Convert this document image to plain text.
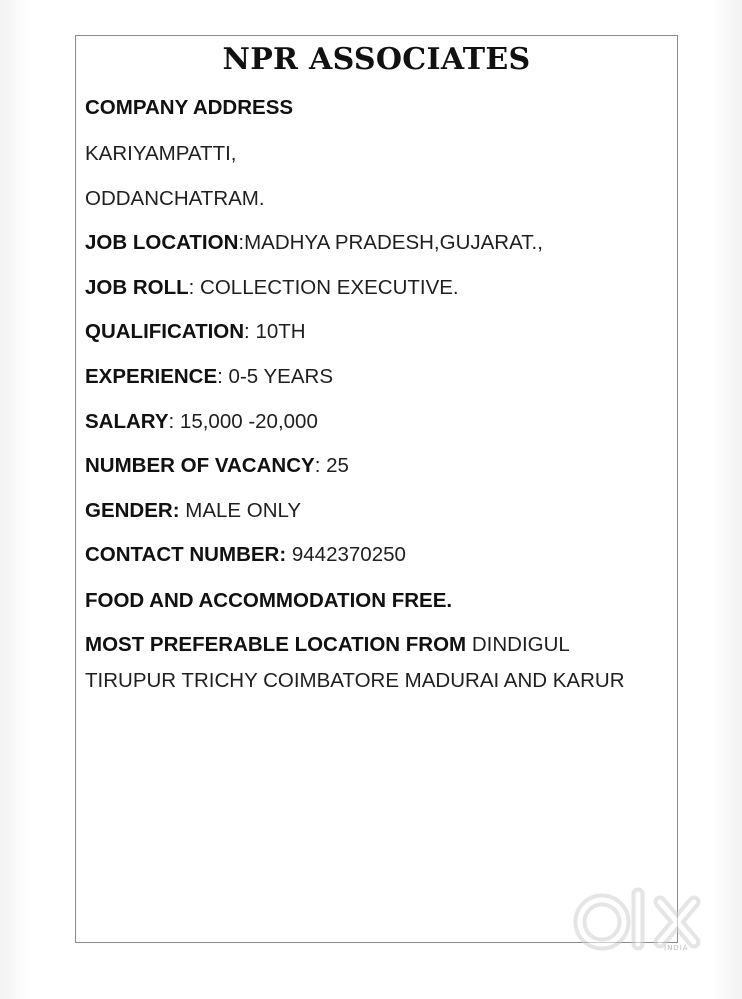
NPR ASSOCIATES
COMPANY ADDRESS
KARIYAMPATTI,
ODDANCHATRAM.
JOB LOCATION:MADHYA PRADESH,GUJARAT.,
JOB ROLL: COLLECTION EXECUTIVE.
QUALIFICATION: 10TH
EXPERIENCE: 0-5 YEARS
SALARY: 15,000 -20,000
NUMBER OF VACANCY: 25
GENDER: MALE ONLY
CONTACT NUMBER: 9442370250
FOOD AND ACCOMMODATION FREE.
MOST PREFERABLE LOCATION FROM DINDIGUL
TIRUPUR TRICHY COIMBATORE MADURAI AND KARUR
INDIA
